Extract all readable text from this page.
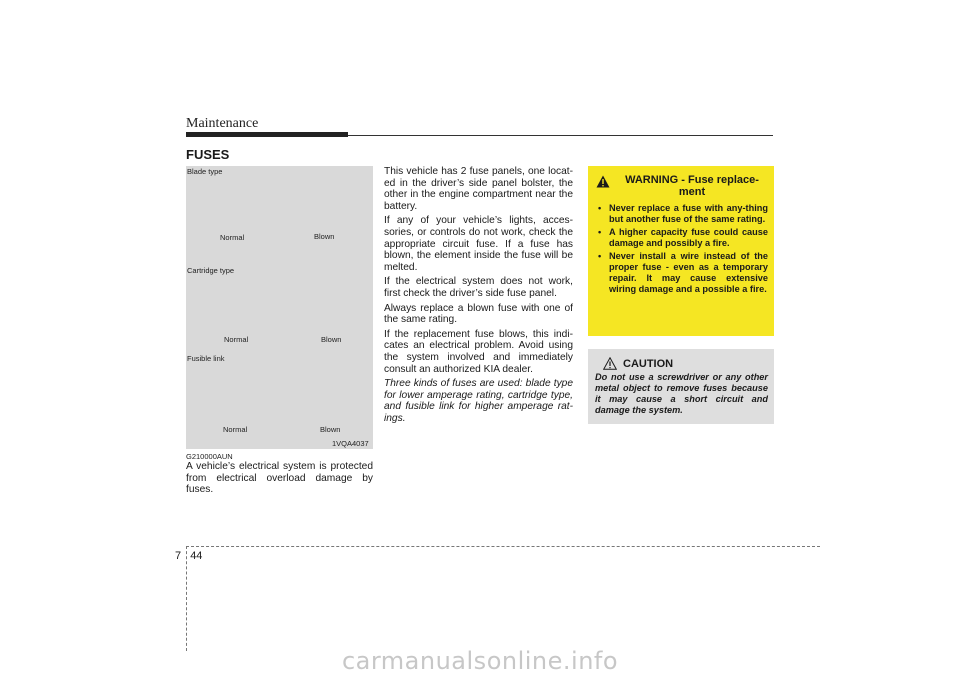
Maintenance
FUSES
Blade type
Normal	Blown
Cartridge type
Normal	Blown
Fusible link
Normal	Blown
1VQA4037
G210000AUN

A vehicle’s electrical system is protected from electrical overload damage by fuses.

This vehicle has 2 fuse panels, one locat-ed in the driver’s side panel bolster, the other in the engine compartment near the battery.

If any of your vehicle’s lights, acces-sories, or controls do not work, check the appropriate circuit fuse. If a fuse has blown, the element inside the fuse will be melted.

If the electrical system does not work, first check the driver’s side fuse panel.

Always replace a blown fuse with one of the same rating.

If the replacement fuse blows, this indi-cates an electrical problem. Avoid using the system involved and immediately consult an authorized KIA dealer.

Three kinds of fuses are used: blade type for lower amperage rating, cartridge type, and fusible link for higher amperage rat-ings.

WARNING - Fuse replace-ment
• Never replace a fuse with any-thing but another fuse of the same rating.
• A higher capacity fuse could cause damage and possibly a fire.
• Never install a wire instead of the proper fuse - even as a temporary repair. It may cause extensive wiring damage and a possible a fire.
CAUTION
Do not use a screwdriver or any other metal object to remove fuses because it may cause a short circuit and damage the system.
7 44
carmanualsonline.info
